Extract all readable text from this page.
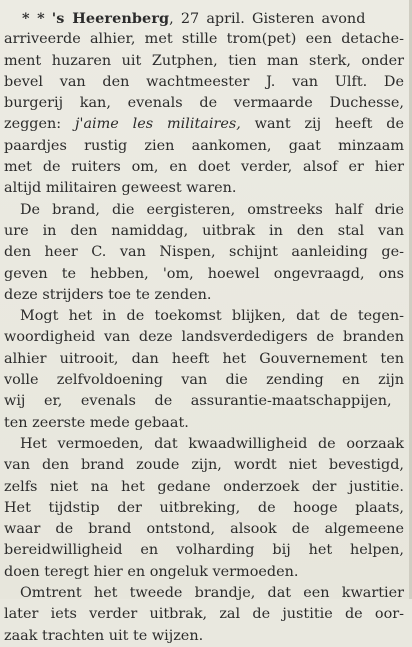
* * 's Heerenberg, 27 april. Gisteren avond
arriveerde alhier, met stille trom(pet) een detache-
ment huzaren uit Zutphen, tien man sterk, onder
bevel van den wachtmeester J. van Ulft. De
burgerij kan, evenals de vermaarde Duchesse,
zeggen: j'aime les militaires, want zij heeft de
paardjes rustig zien aankomen, gaat minzaam
met de ruiters om, en doet verder, alsof er hier
altijd militairen geweest waren.
De brand, die eergisteren, omstreeks half drie
ure in den namiddag, uitbrak in den stal van
den heer C. van Nispen, schijnt aanleiding ge-
geven te hebben, 'om, hoewel ongevraagd, ons
deze strijders toe te zenden.
Mogt het in de toekomst blijken, dat de tegen-
woordigheid van deze landsverdedigers de branden
alhier uitrooit, dan heeft het Gouvernement ten
volle zelfvoldoening van die zending en zijn
wij er, evenals de assurantie-maatschappijen,
ten zeerste mede gebaat.
Het vermoeden, dat kwaadwilligheid de oorzaak
van den brand zoude zijn, wordt niet bevestigd,
zelfs niet na het gedane onderzoek der justitie.
Het tijdstip der uitbreking, de hooge plaats,
waar de brand ontstond, alsook de algemeene
bereidwilligheid en volharding bij het helpen,
doen teregt hier en ongeluk vermoeden.
Omtrent het tweede brandje, dat een kwartier
later iets verder uitbrak, zal de justitie de oor-
zaak trachten uit te wijzen.
